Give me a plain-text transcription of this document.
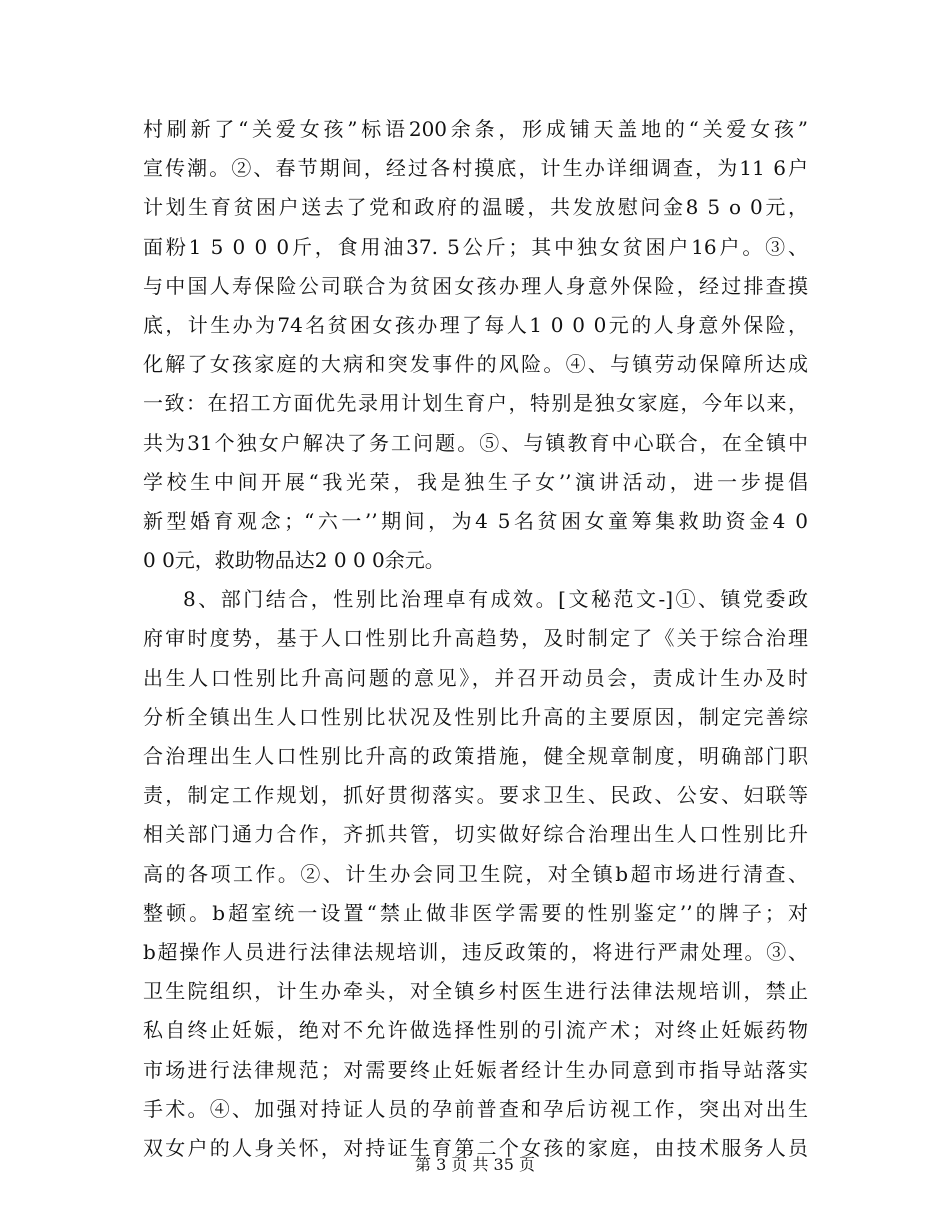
村刷新了“关爱女孩”标语200余条，形成铺天盖地的“关爱女孩”
宣传潮。②、春节期间，经过各村摸底，计生办详细调查，为11 6户
计划生育贫困户送去了党和政府的温暖，共发放慰问金8 5 o 0元，
面粉1 5 0 0 0斤，食用油37. 5公斤；其中独女贫困户16户。③、
与中国人寿保险公司联合为贫困女孩办理人身意外保险，经过排查摸
底，计生办为74名贫困女孩办理了每人1 0 0 0元的人身意外保险，
化解了女孩家庭的大病和突发事件的风险。④、与镇劳动保障所达成
一致：在招工方面优先录用计划生育户，特别是独女家庭，今年以来，
共为31个独女户解决了务工问题。⑤、与镇教育中心联合，在全镇中
学校生中间开展“我光荣，我是独生子女’’演讲活动，进一步提倡
新型婚育观念；“六一’’期间，为4 5名贫困女童筹集救助资金4 0
0 0元，救助物品达2 0 0 0余元。
8、部门结合，性别比治理卓有成效。[文秘范文-]①、镇党委政
府审时度势，基于人口性别比升高趋势，及时制定了《关于综合治理
出生人口性别比升高问题的意见》，并召开动员会，责成计生办及时
分析全镇出生人口性别比状况及性别比升高的主要原因，制定完善综
合治理出生人口性别比升高的政策措施，健全规章制度，明确部门职
责，制定工作规划，抓好贯彻落实。要求卫生、民政、公安、妇联等
相关部门通力合作，齐抓共管，切实做好综合治理出生人口性别比升
高的各项工作。②、计生办会同卫生院，对全镇b超市场进行清查、
整顿。b超室统一设置“禁止做非医学需要的性别鉴定’’的牌子；对
b超操作人员进行法律法规培训，违反政策的，将进行严肃处理。③、
卫生院组织，计生办牵头，对全镇乡村医生进行法律法规培训，禁止
私自终止妊娠，绝对不允许做选择性别的引流产术；对终止妊娠药物
市场进行法律规范；对需要终止妊娠者经计生办同意到市指导站落实
手术。④、加强对持证人员的孕前普查和孕后访视工作，突出对出生
双女户的人身关怀，对持证生育第二个女孩的家庭，由技术服务人员
第 3 页 共 35 页
